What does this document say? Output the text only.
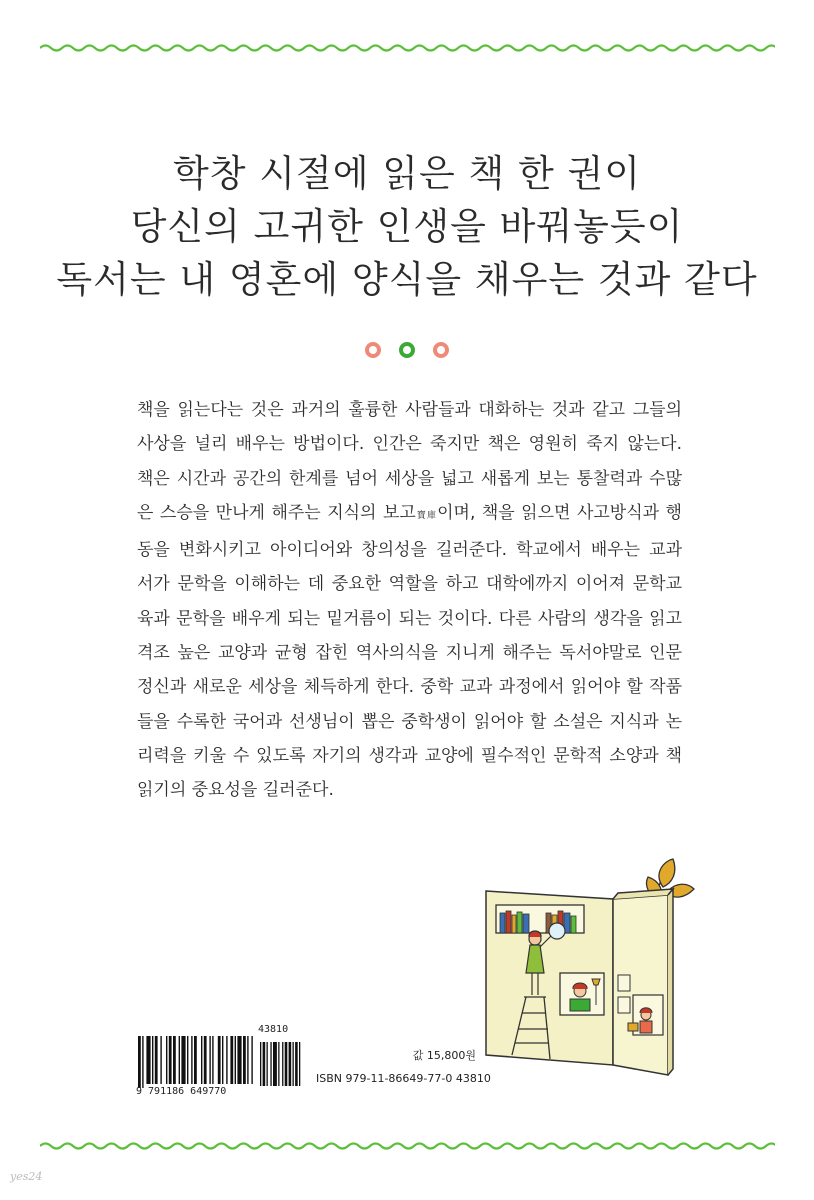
학창 시절에 읽은 책 한 권이
당신의 고귀한 인생을 바꿔놓듯이
독서는 내 영혼에 양식을 채우는 것과 같다
책을 읽는다는 것은 과거의 훌륭한 사람들과 대화하는 것과 같고 그들의
사상을 널리 배우는 방법이다. 인간은 죽지만 책은 영원히 죽지 않는다.
책은 시간과 공간의 한계를 넘어 세상을 넓고 새롭게 보는 통찰력과 수많
은 스승을 만나게 해주는 지식의 보고寶庫이며, 책을 읽으면 사고방식과 행
동을 변화시키고 아이디어와 창의성을 길러준다. 학교에서 배우는 교과
서가 문학을 이해하는 데 중요한 역할을 하고 대학에까지 이어져 문학교
육과 문학을 배우게 되는 밑거름이 되는 것이다. 다른 사람의 생각을 읽고
격조 높은 교양과 균형 잡힌 역사의식을 지니게 해주는 독서야말로 인문
정신과 새로운 세상을 체득하게 한다. 중학 교과 과정에서 읽어야 할 작품
들을 수록한 국어과 선생님이 뽑은 중학생이 읽어야 할 소설은 지식과 논
리력을 키울 수 있도록 자기의 생각과 교양에 필수적인 문학적 소양과 책
읽기의 중요성을 길러준다.
9 791186 649770
43810
값 15,800원
ISBN 979-11-86649-77-0 43810
yes24
